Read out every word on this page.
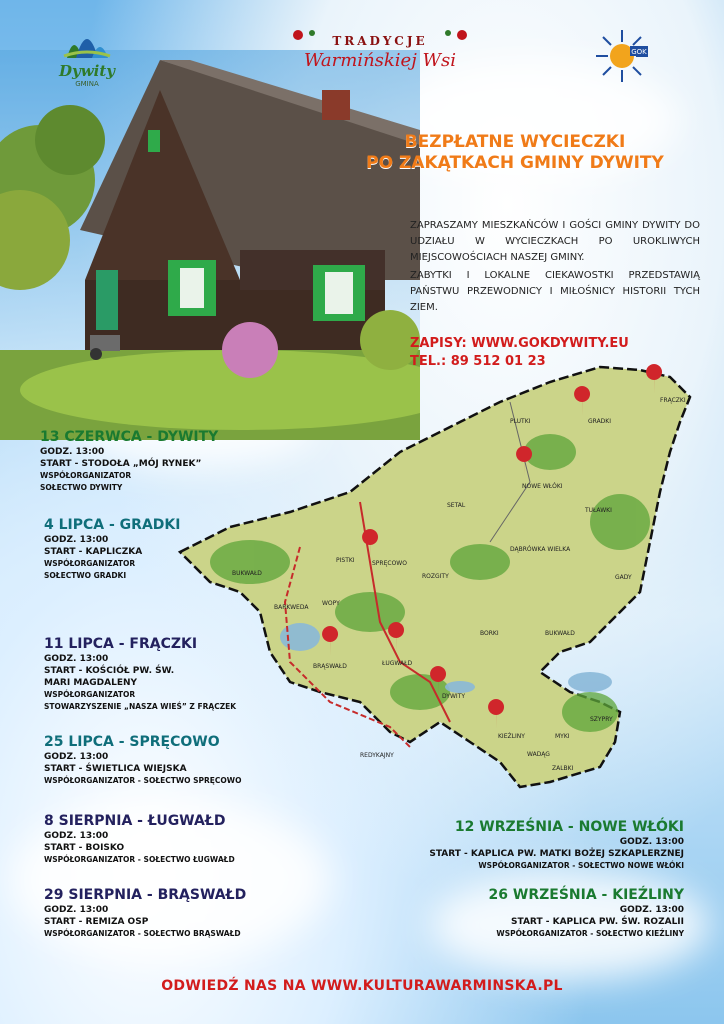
Dywity
GMINA
TRADYCJE
Warmińskiej Wsi	GOK
BEZPŁATNE WYCIECZKI
PO ZAKĄTKACH GMINY DYWITY
ZAPRASZAMY MIESZKAŃCÓW I GOŚCI GMINY DYWITY DO UDZIAŁU W WYCIECZKACH PO UROKLIWYCH MIEJSCOWOŚCIACH NASZEJ GMINY.
ZABYTKI I LOKALNE CIEKAWOSTKI PRZEDSTAWIĄ PAŃSTWU PRZEWODNICY I MIŁOŚNICY HISTORII TYCH ZIEM.
ZAPISY: WWW.GOKDYWITY.EU
TEL.: 89 512 01 23
FRĄCZKI
PLUTKI	GRADKI
NOWE WŁÓKI
SETAL
TUŁAWKI
SPRĘCOWO
PISTKI
BUKWAŁD
BARKWEDA
WOPY
ROZGITY
DĄBRÓWKA WIELKA
GADY
BRĄSWAŁD	ŁUGWAŁD
DYWITY
KIEŹLINY
WADĄG
MYKI
SZYPRY
ZALBKI
REDYKAJNY
BORKI	BUKWAŁD
13 CZERWCA - DYWITY
GODZ. 13:00
START - STODOŁA „MÓJ RYNEK”
WSPÓŁORGANIZATOR
SOŁECTWO DYWITY
4 LIPCA - GRADKI
GODZ. 13:00
START - KAPLICZKA
WSPÓŁORGANIZATOR
SOŁECTWO GRADKI
11 LIPCA - FRĄCZKI
GODZ. 13:00
START - KOŚCIÓŁ PW. ŚW.
MARI MAGDALENY
WSPÓŁORGANIZATOR
STOWARZYSZENIE „NASZA WIEŚ” Z FRĄCZEK
25 LIPCA - SPRĘCOWO
GODZ. 13:00
START - ŚWIETLICA WIEJSKA
WSPÓŁORGANIZATOR - SOŁECTWO SPRĘCOWO
8 SIERPNIA - ŁUGWAŁD
GODZ. 13:00
START - BOISKO
WSPÓŁORGANIZATOR - SOŁECTWO ŁUGWAŁD
29 SIERPNIA - BRĄSWAŁD
GODZ. 13:00
START - REMIZA OSP
WSPÓŁORGANIZATOR - SOŁECTWO BRĄSWAŁD
12 WRZEŚNIA - NOWE WŁÓKI
GODZ. 13:00
START - KAPLICA PW. MATKI BOŻEJ SZKAPLERZNEJ
WSPÓŁORGANIZATOR - SOŁECTWO NOWE WŁÓKI
26 WRZEŚNIA - KIEŹLINY
GODZ. 13:00
START - KAPLICA PW. ŚW. ROZALII
WSPÓŁORGANIZATOR - SOŁECTWO KIEŹLINY
ODWIEDŹ NAS NA WWW.KULTURAWARMINSKA.PL
